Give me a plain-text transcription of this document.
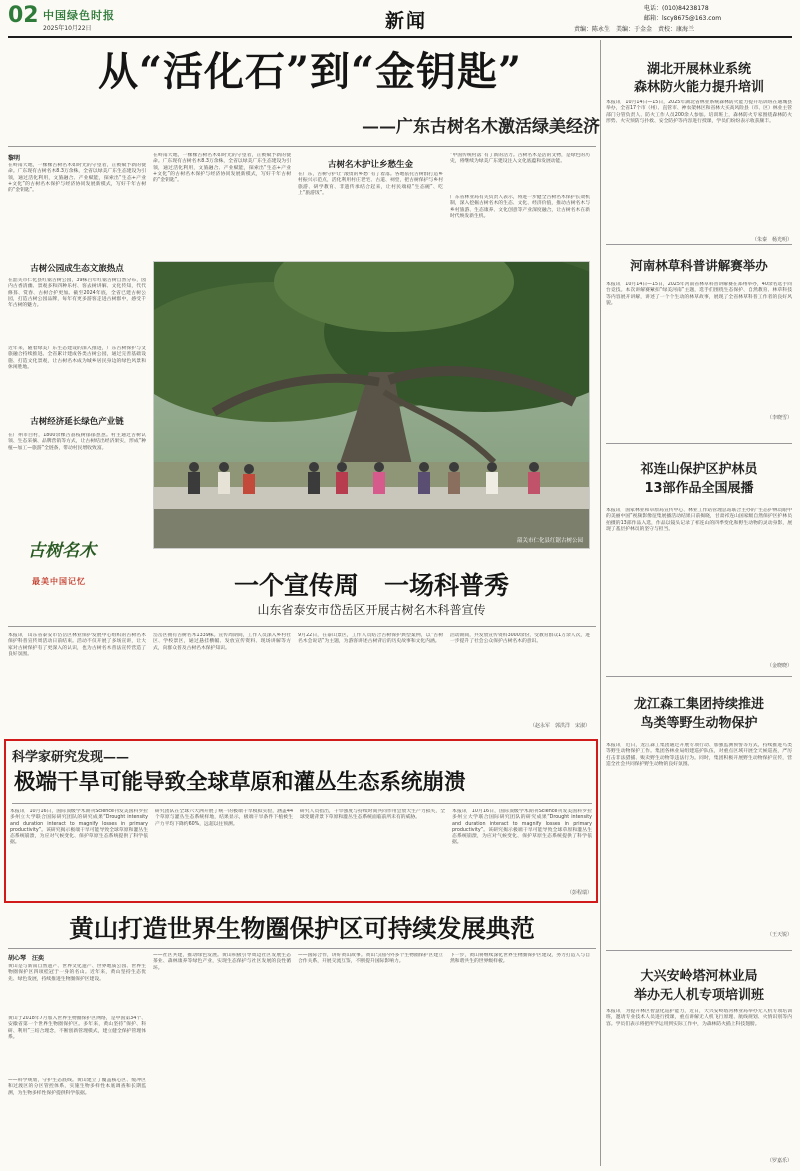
02 中国绿色时报
2025年10月22日	新闻
电话：(010)84238178
邮箱：lscy8675@163.com
责编：陈永生　美编：于金金　责校：康海兰
从“活化石”到“金钥匙”
——广东古树名木激活绿美经济
黎明
在岭南大地，一棵棵古树名木如时光的守望者，正被赋予新的使命。广东现有古树名木8.3万余株，全省以绿美广东生态建设为引领，通过活化利用，文旅融合、产业赋能，探索出“生态+产业+文化”的古树名木保护与经济协同发展新模式，写好千年古树的“金钥匙”。
古树公园成生态文旅热点
在韶关市仁化县红锯古树公园，39株百年红锯古树自然分布，园内古香清幽、景观多和四种乐村、客去树讲解、文化传知，代代修葺、赏春、古树合护更加。截至2024年底，全省已建古树公园，打造古树公园品牌，每年有更多游客走进古树群中，感受千年古树的魅力。
近年来，随着绿美广东生态建设的深入推进，广东古树保护与文旅融合持续推进。全省累计建成各类古树公园，通过完善基础设施、打造文化景观，让古树名木成为城乡居民身边的绿色风景和休闲胜地。
古树经济延长绿色产业链
在广州市白村，1800余棵古荔枝树郁郁葱葱。村主通过古树认领、生态采摘、品牌营销等方式，让古树结出经济果实，形成“种植—加工—旅游”全链条，带动村民增收致富。
在岭南大地，一棵棵古树名木如时光的守望者，正被赋予新的使命。广东现有古树名木8.3万余株，全省以绿美广东生态建设为引领，通过活化利用，文旅融合、产业赋能，探索出“生态+产业+文化”的古树名木保护与经济协同发展新模式，写好千年古树的“金钥匙”。
古树名木护让乡愁生金
在广东，古树守护让“滚烫的乡愁”有了着落。各地依托古树群打造乡村振兴示范点，活化利用村庄老宅、古道、祠堂，把古树保护与乡村旅游、研学教育、非遗传承结合起来，让村民端稳“生态碗”、吃上“旅游饭”。
“中国传统村落”有了新的活力。古树名木是活的文物，是绿色的历史，将继续为绿美广东建设注入文化底蕴和发展动能。
广东省林业局有关负责人表示，将进一步健全古树名木保护长效机制，深入挖掘古树名木的生态、文化、经济价值，推动古树名木与乡村旅游、生态康养、文化创意等产业深度融合，让古树名木在新时代焕发新生机。
韶关市仁化县红锯古树公园
古树名木
最美中国记忆	一个宣传周　一场科普秀
山东省泰安市岱岳区开展古树名木科普宣传
本报讯　山东省泰安市岱岳区林业保护发展中心组织的古树名木保护科普宣传周活动日前结束。活动不仅开展了多场宣讲，让大家对古树保护有了更深入的认识，也为古树名木普法宣传营造了良好氛围。
岱岳区拥有古树名木1339株。宣传周期间，工作人员深入乡村社区、学校景区，通过悬挂横幅、发放宣传资料、现场讲解等方式，向群众普及古树名木保护知识。
9月22日，在泰山景区，工作人员结合古树保护典型案例，以“古树名木会说话”为主题，为游客讲述古树背后的历史故事和文化内涵。
活动期间，共发放宣传资料3000余份，受教育群众1万余人次，进一步提升了社会公众保护古树名木的意识。
（赵永军　郭洪洋　宋淑）
科学家研究发现——
极端干旱可能导致全球草原和灌丛生态系统崩溃
本报讯　10月16日，国际顶级学术期刊Science刊发美国科罗拉多州立大学联合国际研究团队的研究成果“Drought intensity and duration interact to magnify losses in primary productivity”。该研究揭示极端干旱可能导致全球草原和灌丛生态系统崩溃，为应对气候变化、保护草原生态系统提供了科学依据。
研究团队在全球六大洲开展了统一的极端干旱模拟实验，涵盖44个草原与灌丛生态系统样地，结果显示，极端干旱条件下植被生产力平均下降约60%，远超以往预测。
研究人员指出，干旱强度与持续时间共同作用会放大生产力损失，全球变暖背景下草原和灌丛生态系统面临前所未有的威胁。
本报讯　10月16日，国际顶级学术期刊Science刊发美国科罗拉多州立大学联合国际研究团队的研究成果“Drought intensity and duration interact to magnify losses in primary productivity”。该研究揭示极端干旱可能导致全球草原和灌丛生态系统崩溃，为应对气候变化、保护草原生态系统提供了科学依据。
（彭程瑞）
黄山打造世界生物圈保护区可持续发展典范
胡心琴　汪奕
黄山是与新南自然遗产、世界文化遗产、世界地质公园、世界生物圈保护区四项桂冠于一身的名山。近年来，黄山坚持生态优先、绿色发展，持续推进生物圈保护区建设。
黄山于2018年7月加入世界生物圈保护区网络，是中国第34个、安徽省第一个世界生物圈保护区。多年来，黄山坚持“保护、科研、利用”三结合理念，不断创新管理模式，建立健全保护管理体系。
——科学规划，守护生态底线。黄山建立了覆盖核心区、缓冲区和过渡区的分区管控体系，实施生物多样性本底调查和长期监测，为生物多样性保护提供科学依据。
——社区共建，推动绿色发展。黄山积极引导周边社区发展生态茶业、森林康养等绿色产业，实现生态保护与社区发展的良性循环。
——国际合作，讲好黄山故事。黄山与国内外多个生物圈保护区建立合作关系，开展交流互鉴，不断提升国际影响力。
下一步，黄山将继续深化世界生物圈保护区建设，努力打造人与自然和谐共生的世界级样板。
湖北开展林业系统
森林防火能力提升培训
本报讯　10月14日—15日，2025年湖北省林业系统森林防火能力提升培训班在通城县举办，全省17个市（州）、直管市、神农架林区和省林大买高风险县（市、区）林业主管部门分管负责人、防火工作人员200余人参加。培训班上，森林防火专家围绕森林防火形势、火灾预防与扑救、安全防护等内容进行授课，学员们纷纷表示收获颇丰。
（朱秦　杨光明）
河南林草科普讲解赛举办
本报讯　10月14日—15日，2025年河南省林草科普讲解赛在郑州举办，40余名选手同台竞技。本次讲解赛紧扣“绿美河南”主题，选手们围绕生态保护、自然教育、林草科技等内容展开讲解，讲述了一个个生动的林草故事，展现了全省林草科普工作者的良好风貌。
（李晓雪）
祁连山保护区护林员
13部作品全国展播
本报讯　国家林业和草原局宣传中心、林业工作站管理总站联合主办的“生态护林员眼中的美丽中国”视频影像征集展播活动结果日前揭晓，甘肃祁连山国家级自然保护区护林员拍摄的13部作品入选，作品以镜头记录了祁连山的四季变化和野生动物的灵动身影，展现了基层护林员的坚守与担当。
（金晓晓）
龙江森工集团持续推进
鸟类等野生动物保护
本报讯　近日，龙江森工集团通过开展专项行动、加强监测预警等方式，持续推进鸟类等野生动物保护工作。集团各林业局组建巡护队伍，对重点区域开展全天候巡查，严厉打击非法猎捕、贩卖野生动物等违法行为。同时，集团积极开展野生动物保护宣传，营造全社会共同保护野生动物的良好氛围。
（王天锐）
大兴安岭塔河林业局
举办无人机专项培训班
本报讯　为提升林区智慧化巡护能力，近日，大兴安岭塔河林业局举办无人机专项培训班，邀请专业技术人员进行授课，重点讲解无人机飞行原理、航线规划、火情识别等内容。学员们表示将把所学运用到实际工作中，为森林防火插上科技翅膀。
（罗嘉乐）
